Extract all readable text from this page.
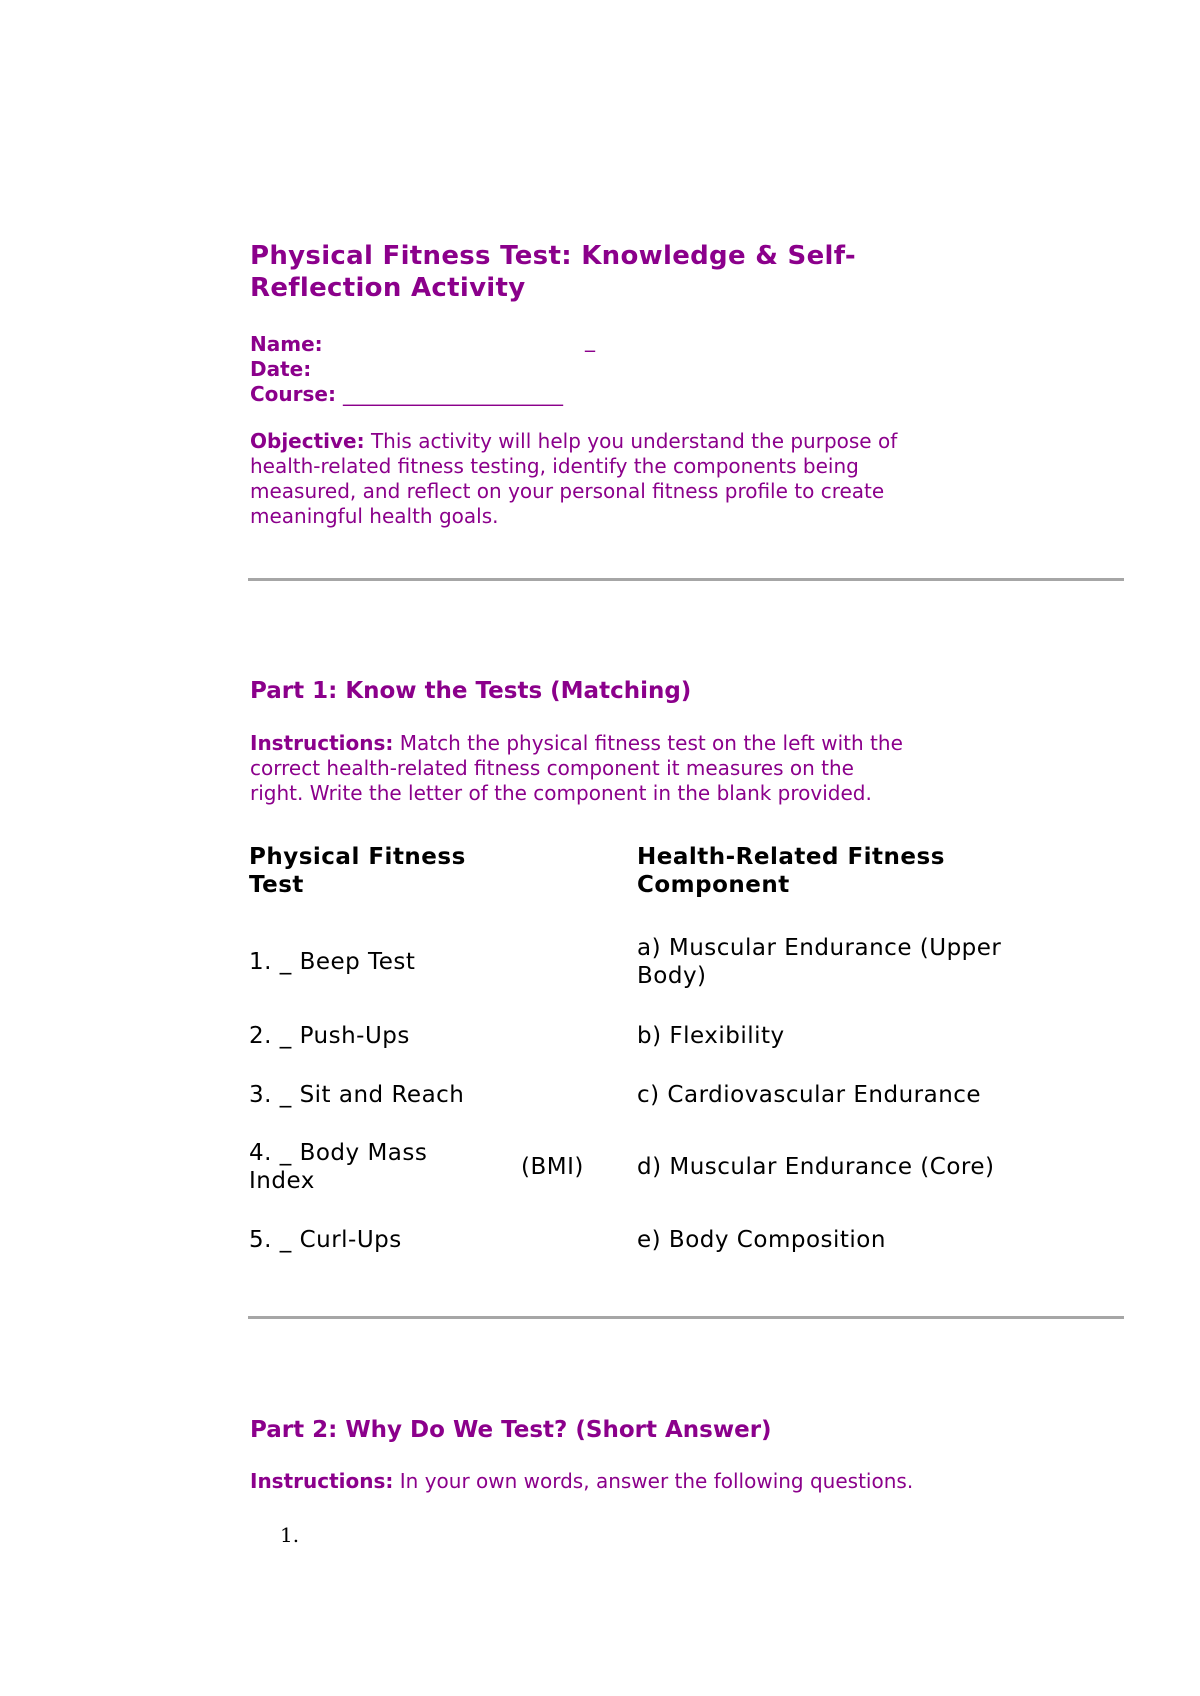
Physical Fitness Test: Knowledge & Self-
Reflection Activity
Name:	_
Date:
Course: ______________________
Objective: This activity will help you understand the purpose of
health-related fitness testing, identify the components being
measured, and reflect on your personal fitness profile to create
meaningful health goals.
Part 1: Know the Tests (Matching)
Instructions: Match the physical fitness test on the left with the
correct health-related fitness component it measures on the
right. Write the letter of the component in the blank provided.
Physical Fitness
Test
Health-Related Fitness
Component
1. _ Beep Test
2. _ Push-Ups
3. _ Sit and Reach
4. _ Body Mass
Index
(BMI)
5. _ Curl-Ups
a) Muscular Endurance (Upper
Body)
b) Flexibility
c) Cardiovascular Endurance
d) Muscular Endurance (Core)
e) Body Composition
Part 2: Why Do We Test? (Short Answer)
Instructions: In your own words, answer the following questions.
1.
